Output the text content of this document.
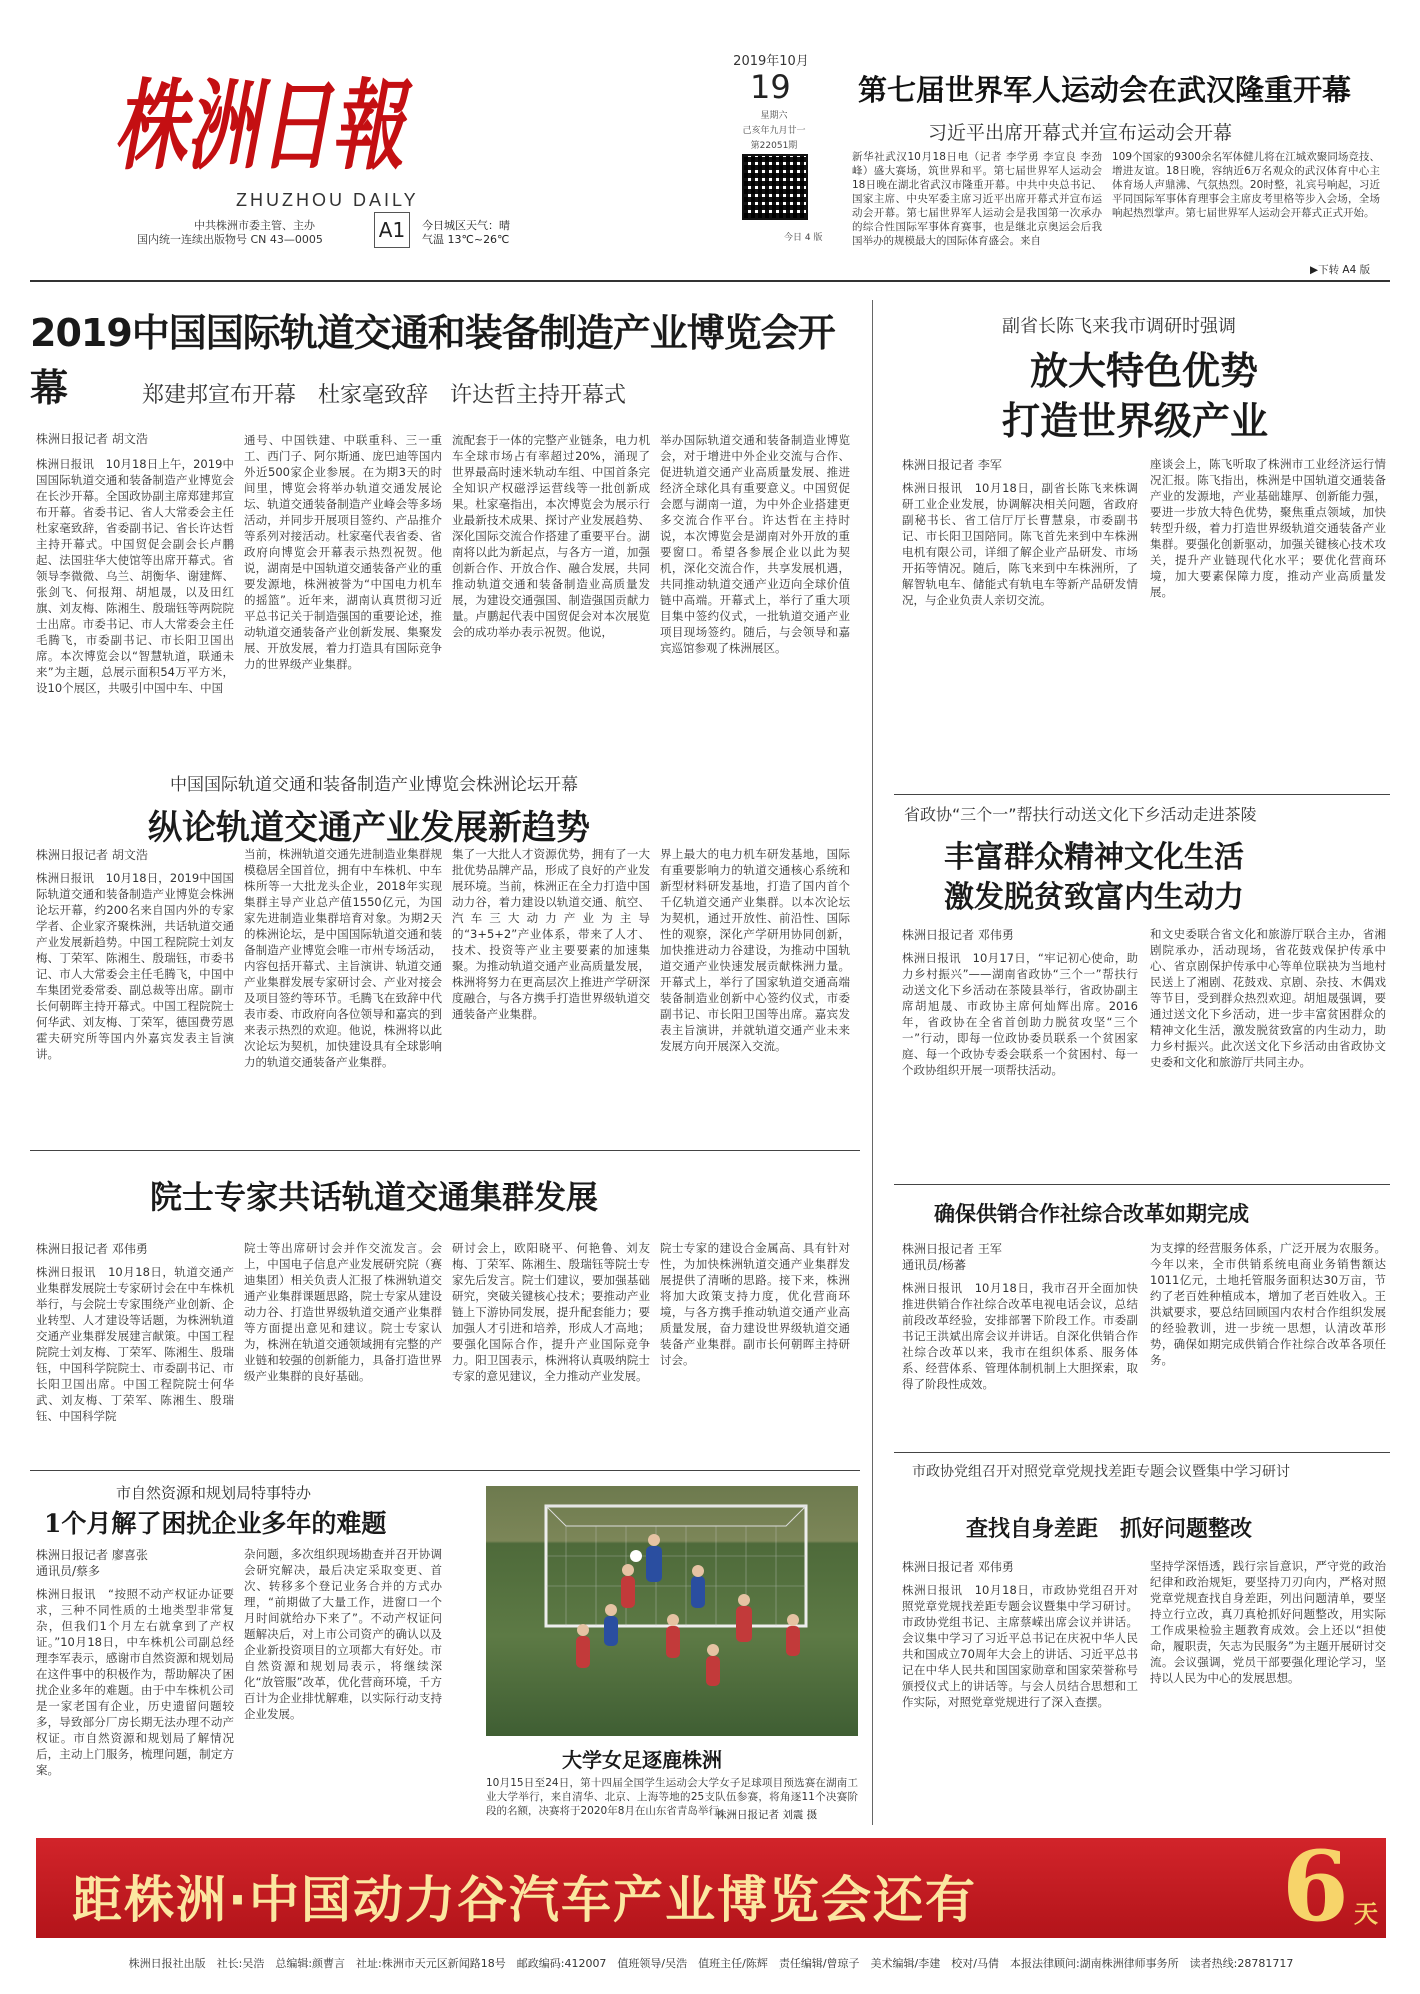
株洲日報
ZHUZHOU DAILY
中共株洲市委主管、主办
国内统一连续出版物号 CN 43—0005	A1	今日城区天气：晴
气温 13℃~26℃
2019年10月
19
星期六
己亥年九月廿一
第22051期
今日 4 版
第七届世界军人运动会在武汉隆重开幕
习近平出席开幕式并宣布运动会开幕
新华社武汉10月18日电（记者 李学勇 李宣良 李劲峰）盛大赛场，筑世界和平。第七届世界军人运动会18日晚在湖北省武汉市隆重开幕。中共中央总书记、国家主席、中央军委主席习近平出席开幕式并宣布运动会开幕。第七届世界军人运动会是我国第一次承办的综合性国际军事体育赛事，也是继北京奥运会后我国举办的规模最大的国际体育盛会。来自
109个国家的9300余名军体健儿将在江城欢聚同场竞技、增进友谊。18日晚，容纳近6万名观众的武汉体育中心主体育场人声鼎沸、气氛热烈。20时整，礼宾号响起，习近平同国际军事体育理事会主席皮考里格等步入会场，全场响起热烈掌声。第七届世界军人运动会开幕式正式开始。
▶下转 A4 版
2019中国国际轨道交通和装备制造产业博览会开幕	郑建邦宣布开幕　杜家毫致辞　许达哲主持开幕式
株洲日报记者 胡文浩
株洲日报讯　10月18日上午，2019中国国际轨道交通和装备制造产业博览会在长沙开幕。全国政协副主席郑建邦宣布开幕。省委书记、省人大常委会主任杜家毫致辞，省委副书记、省长许达哲主持开幕式。中国贸促会副会长卢鹏起、法国驻华大使馆等出席开幕式。省领导李微微、乌兰、胡衡华、谢建辉、张剑飞、何报翔、胡旭晟，以及田红旗、刘友梅、陈湘生、殷瑞钰等两院院士出席。市委书记、市人大常委会主任毛腾飞，市委副书记、市长阳卫国出席。本次博览会以“智慧轨道，联通未来”为主题，总展示面积54万平方米，设10个展区，共吸引中国中车、中国
通号、中国铁建、中联重科、三一重工、西门子、阿尔斯通、庞巴迪等国内外近500家企业参展。在为期3天的时间里，博览会将举办轨道交通发展论坛、轨道交通装备制造产业峰会等多场活动，并同步开展项目签约、产品推介等系列对接活动。杜家毫代表省委、省政府向博览会开幕表示热烈祝贺。他说，湖南是中国轨道交通装备产业的重要发源地，株洲被誉为“中国电力机车的摇篮”。近年来，湖南认真贯彻习近平总书记关于制造强国的重要论述，推动轨道交通装备产业创新发展、集聚发展、开放发展，着力打造具有国际竞争力的世界级产业集群。
流配套于一体的完整产业链条，电力机车全球市场占有率超过20%，涌现了世界最高时速米轨动车组、中国首条完全知识产权磁浮运营线等一批创新成果。杜家毫指出，本次博览会为展示行业最新技术成果、探讨产业发展趋势、深化国际交流合作搭建了重要平台。湖南将以此为新起点，与各方一道，加强创新合作、开放合作、融合发展，共同推动轨道交通和装备制造业高质量发展，为建设交通强国、制造强国贡献力量。卢鹏起代表中国贸促会对本次展览会的成功举办表示祝贺。他说，
举办国际轨道交通和装备制造业博览会，对于增进中外企业交流与合作、促进轨道交通产业高质量发展、推进经济全球化具有重要意义。中国贸促会愿与湖南一道，为中外企业搭建更多交流合作平台。许达哲在主持时说，本次博览会是湖南对外开放的重要窗口。希望各参展企业以此为契机，深化交流合作，共享发展机遇，共同推动轨道交通产业迈向全球价值链中高端。开幕式上，举行了重大项目集中签约仪式，一批轨道交通产业项目现场签约。随后，与会领导和嘉宾巡馆参观了株洲展区。
中国国际轨道交通和装备制造产业博览会株洲论坛开幕
纵论轨道交通产业发展新趋势
株洲日报记者 胡文浩
株洲日报讯　10月18日，2019中国国际轨道交通和装备制造产业博览会株洲论坛开幕，约200名来自国内外的专家学者、企业家齐聚株洲，共话轨道交通产业发展新趋势。中国工程院院士刘友梅、丁荣军、陈湘生、殷瑞钰，市委书记、市人大常委会主任毛腾飞，中国中车集团党委常委、副总裁等出席。副市长何朝晖主持开幕式。中国工程院院士何华武、刘友梅、丁荣军，德国费劳恩霍夫研究所等国内外嘉宾发表主旨演讲。
当前，株洲轨道交通先进制造业集群规模稳居全国首位，拥有中车株机、中车株所等一大批龙头企业，2018年实现集群主导产业总产值1550亿元，为国家先进制造业集群培育对象。为期2天的株洲论坛，是中国国际轨道交通和装备制造产业博览会唯一市州专场活动，内容包括开幕式、主旨演讲、轨道交通产业集群发展专家研讨会、产业对接会及项目签约等环节。毛腾飞在致辞中代表市委、市政府向各位领导和嘉宾的到来表示热烈的欢迎。他说，株洲将以此次论坛为契机，加快建设具有全球影响力的轨道交通装备产业集群。
集了一大批人才资源优势，拥有了一大批优势品牌产品，形成了良好的产业发展环境。当前，株洲正在全力打造中国动力谷，着力建设以轨道交通、航空、汽车三大动力产业为主导的“3+5+2”产业体系，带来了人才、技术、投资等产业主要要素的加速集聚。为推动轨道交通产业高质量发展，株洲将努力在更高层次上推进产学研深度融合，与各方携手打造世界级轨道交通装备产业集群。
界上最大的电力机车研发基地，国际有重要影响力的轨道交通核心系统和新型材料研发基地，打造了国内首个千亿轨道交通产业集群。以本次论坛为契机，通过开放性、前沿性、国际性的观察，深化产学研用协同创新，加快推进动力谷建设，为推动中国轨道交通产业快速发展贡献株洲力量。开幕式上，举行了国家轨道交通高端装备制造业创新中心签约仪式，市委副书记、市长阳卫国等出席。嘉宾发表主旨演讲，并就轨道交通产业未来发展方向开展深入交流。
院士专家共话轨道交通集群发展
株洲日报记者 邓伟勇
株洲日报讯　10月18日，轨道交通产业集群发展院士专家研讨会在中车株机举行，与会院士专家围绕产业创新、企业转型、人才建设等话题，为株洲轨道交通产业集群发展建言献策。中国工程院院士刘友梅、丁荣军、陈湘生、殷瑞钰，中国科学院院士、市委副书记、市长阳卫国出席。中国工程院院士何华武、刘友梅、丁荣军、陈湘生、殷瑞钰、中国科学院
院士等出席研讨会并作交流发言。会上，中国电子信息产业发展研究院（赛迪集团）相关负责人汇报了株洲轨道交通产业集群课题思路，院士专家从建设动力谷、打造世界级轨道交通产业集群等方面提出意见和建议。院士专家认为，株洲在轨道交通领域拥有完整的产业链和较强的创新能力，具备打造世界级产业集群的良好基础。
研讨会上，欧阳晓平、何艳鲁、刘友梅、丁荣军、陈湘生、殷瑞钰等院士专家先后发言。院士们建议，要加强基础研究，突破关键核心技术；要推动产业链上下游协同发展，提升配套能力；要加强人才引进和培养，形成人才高地；要强化国际合作，提升产业国际竞争力。阳卫国表示，株洲将认真吸纳院士专家的意见建议，全力推动产业发展。
院士专家的建设合金属高、具有针对性，为加快株洲轨道交通产业集群发展提供了清晰的思路。接下来，株洲将加大政策支持力度，优化营商环境，与各方携手推动轨道交通产业高质量发展，奋力建设世界级轨道交通装备产业集群。副市长何朝晖主持研讨会。
市自然资源和规划局特事特办
1个月解了困扰企业多年的难题
株洲日报记者 廖喜张
通讯员/蔡多
株洲日报讯　“按照不动产权证办证要求，三种不同性质的土地类型非常复杂，但我们1个月左右就拿到了产权证。”10月18日，中车株机公司副总经理李军表示，感谢市自然资源和规划局在这件事中的积极作为，帮助解决了困扰企业多年的难题。由于中车株机公司是一家老国有企业，历史遗留问题较多，导致部分厂房长期无法办理不动产权证。市自然资源和规划局了解情况后，主动上门服务，梳理问题，制定方案。
杂问题，多次组织现场勘查并召开协调会研究解决，最后决定采取变更、首次、转移多个登记业务合并的方式办理，“前期做了大量工作，进窗口一个月时间就给办下来了”。不动产权证问题解决后，对上市公司资产的确认以及企业新投资项目的立项都大有好处。市自然资源和规划局表示，将继续深化“放管服”改革，优化营商环境，千方百计为企业排忧解难，以实际行动支持企业发展。
大学女足逐鹿株洲
10月15日至24日，第十四届全国学生运动会大学女子足球项目预选赛在湖南工业大学举行，来自清华、北京、上海等地的25支队伍参赛，将角逐11个决赛阶段的名额，决赛将于2020年8月在山东省青岛举行。
株洲日报记者 刘震 摄
副省长陈飞来我市调研时强调
放大特色优势
打造世界级产业
株洲日报记者 李军
株洲日报讯　10月18日，副省长陈飞来株调研工业企业发展，协调解决相关问题，省政府副秘书长、省工信厅厅长曹慧泉，市委副书记、市长阳卫国陪同。陈飞首先来到中车株洲电机有限公司，详细了解企业产品研发、市场开拓等情况。随后，陈飞来到中车株洲所，了解智轨电车、储能式有轨电车等新产品研发情况，与企业负责人亲切交流。
座谈会上，陈飞听取了株洲市工业经济运行情况汇报。陈飞指出，株洲是中国轨道交通装备产业的发源地，产业基础雄厚、创新能力强，要进一步放大特色优势，聚焦重点领域，加快转型升级，着力打造世界级轨道交通装备产业集群。要强化创新驱动，加强关键核心技术攻关，提升产业链现代化水平；要优化营商环境，加大要素保障力度，推动产业高质量发展。
省政协“三个一”帮扶行动送文化下乡活动走进茶陵
丰富群众精神文化生活
激发脱贫致富内生动力
株洲日报记者 邓伟勇
株洲日报讯　10月17日，“牢记初心使命，助力乡村振兴”——湖南省政协“三个一”帮扶行动送文化下乡活动在茶陵县举行，省政协副主席胡旭晟、市政协主席何灿辉出席。2016年，省政协在全省首创助力脱贫攻坚“三个一”行动，即每一位政协委员联系一个贫困家庭、每一个政协专委会联系一个贫困村、每一个政协组织开展一项帮扶活动。
和文史委联合省文化和旅游厅联合主办，省湘剧院承办，活动现场，省花鼓戏保护传承中心、省京剧保护传承中心等单位联袂为当地村民送上了湘剧、花鼓戏、京剧、杂技、木偶戏等节目，受到群众热烈欢迎。胡旭晟强调，要通过送文化下乡活动，进一步丰富贫困群众的精神文化生活，激发脱贫致富的内生动力，助力乡村振兴。此次送文化下乡活动由省政协文史委和文化和旅游厅共同主办。
确保供销合作社综合改革如期完成
株洲日报记者 王军
通讯员/杨蕃
株洲日报讯　10月18日，我市召开全面加快推进供销合作社综合改革电视电话会议，总结前段改革经验，安排部署下阶段工作。市委副书记王洪斌出席会议并讲话。自深化供销合作社综合改革以来，我市在组织体系、服务体系、经营体系、管理体制机制上大胆探索，取得了阶段性成效。
为支撑的经营服务体系，广泛开展为农服务。今年以来，全市供销系统电商业务销售额达1011亿元，土地托管服务面积达30万亩，节约了老百姓种植成本，增加了老百姓收入。王洪斌要求，要总结回顾国内农村合作组织发展的经验教训，进一步统一思想，认清改革形势，确保如期完成供销合作社综合改革各项任务。
市政协党组召开对照党章党规找差距专题会议暨集中学习研讨
查找自身差距　抓好问题整改
株洲日报记者 邓伟勇
株洲日报讯　10月18日，市政协党组召开对照党章党规找差距专题会议暨集中学习研讨。市政协党组书记、主席蔡嵘出席会议并讲话。会议集中学习了习近平总书记在庆祝中华人民共和国成立70周年大会上的讲话、习近平总书记在中华人民共和国国家勋章和国家荣誉称号颁授仪式上的讲话等。与会人员结合思想和工作实际，对照党章党规进行了深入查摆。
坚持学深悟透，践行宗旨意识，严守党的政治纪律和政治规矩，要坚持刀刃向内，严格对照党章党规查找自身差距，列出问题清单，要坚持立行立改，真刀真枪抓好问题整改，用实际工作成果检验主题教育成效。会上还以“担使命，履职责，矢志为民服务”为主题开展研讨交流。会议强调，党员干部要强化理论学习，坚持以人民为中心的发展思想。
距株洲·中国动力谷汽车产业博览会还有	6 天
株洲日报社出版　社长:吴浩　总编辑:颜曹言　社址:株洲市天元区新闻路18号　邮政编码:412007　值班领导/吴浩　值班主任/陈辉　责任编辑/曾琼子　美术编辑/李建　校对/马倩　本报法律顾问:湖南株洲律师事务所　读者热线:28781717
